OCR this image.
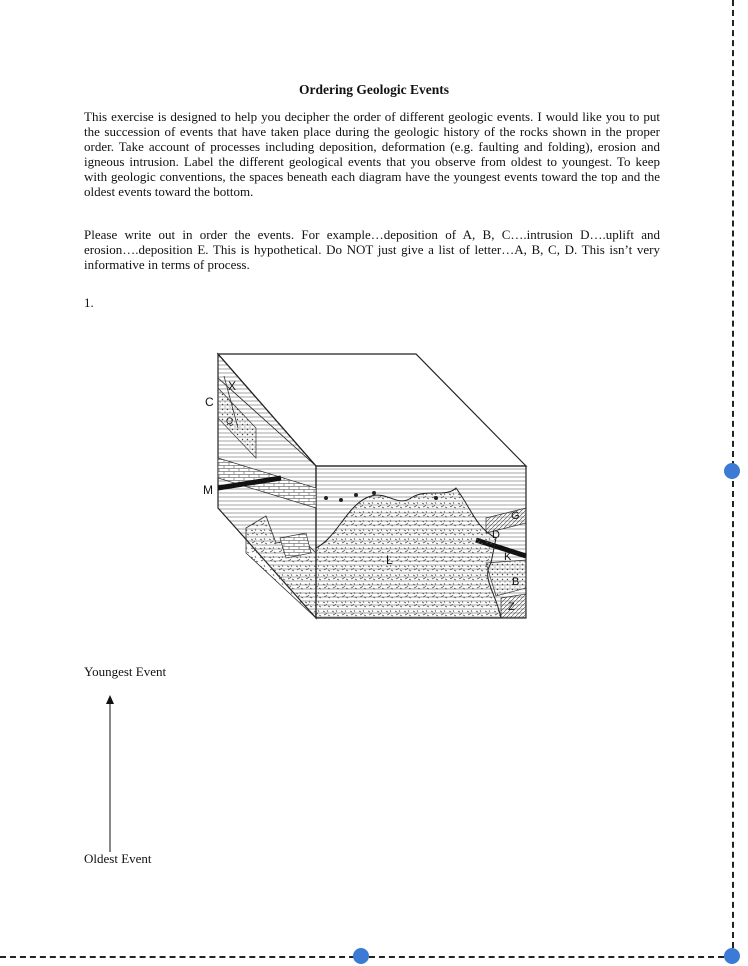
Ordering Geologic Events

This exercise is designed to help you decipher the order of different geologic events. I would like you to put the succession of events that have taken place during the geologic history of the rocks shown in the proper order. Take account of processes including deposition, deformation (e.g. faulting and folding), erosion and igneous intrusion. Label the different geological events that you observe from oldest to youngest. To keep with geologic conventions, the spaces beneath each diagram have the youngest events toward the top and the oldest events toward the bottom.

Please write out in order the events. For example…deposition of A, B, C….intrusion D….uplift and erosion….deposition E. This is hypothetical. Do NOT just give a list of letter…A, B, C, D. This isn’t very informative in terms of process.

1.
X
C
Q
M
L
G
D
K
B
Z
Youngest Event
Oldest Event
